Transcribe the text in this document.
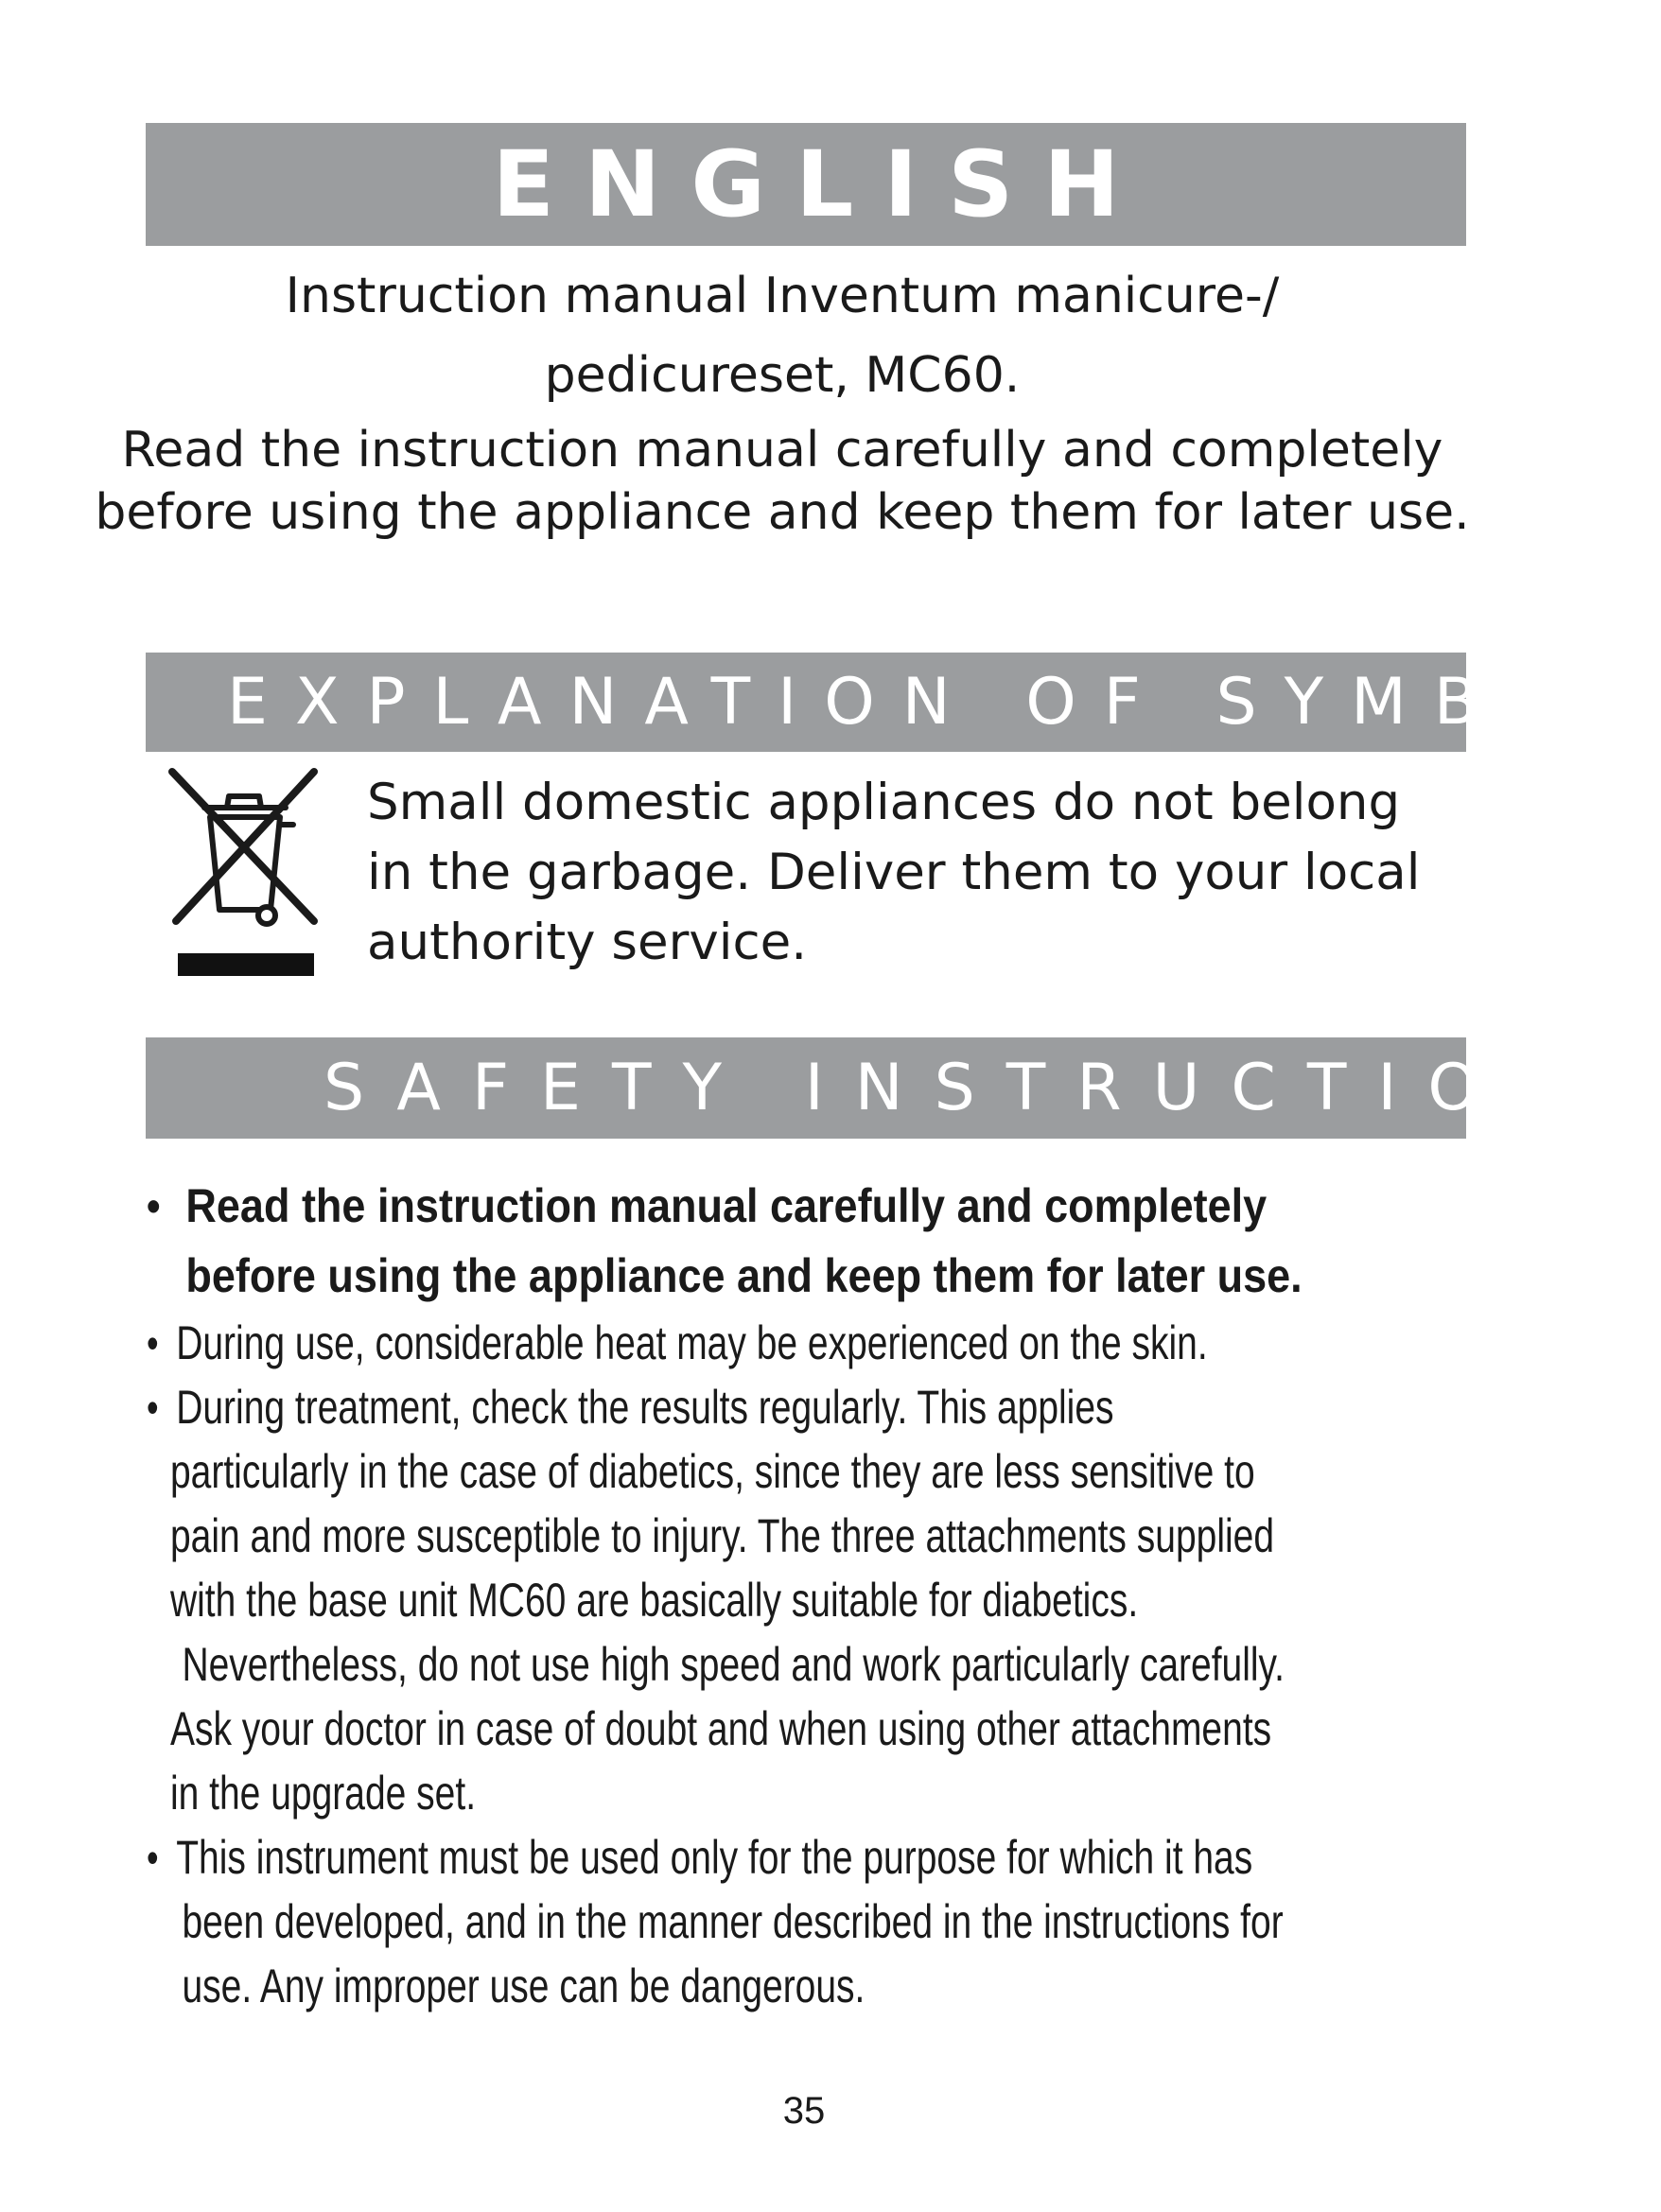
ENGLISH
Instruction manual Inventum manicure-/
pedicureset, MC60.
Read the instruction manual carefully and completely
before using the appliance and keep them for later use.
EXPLANATION OF SYMBOL
Small domestic appliances do not belong
in the garbage. Deliver them to your local
authority service.
SAFETY INSTRUCTIONS
• Read the instruction manual carefully and completely
before using the appliance and keep them for later use.
• During use, considerable heat may be experienced on the skin.
• During treatment, check the results regularly. This applies
particularly in the case of diabetics, since they are less sensitive to
pain and more susceptible to injury. The three attachments supplied
with the base unit MC60 are basically suitable for diabetics.
Nevertheless, do not use high speed and work particularly carefully.
Ask your doctor in case of doubt and when using other attachments
in the upgrade set.
• This instrument must be used only for the purpose for which it has
been developed, and in the manner described in the instructions for
use. Any improper use can be dangerous.
35
